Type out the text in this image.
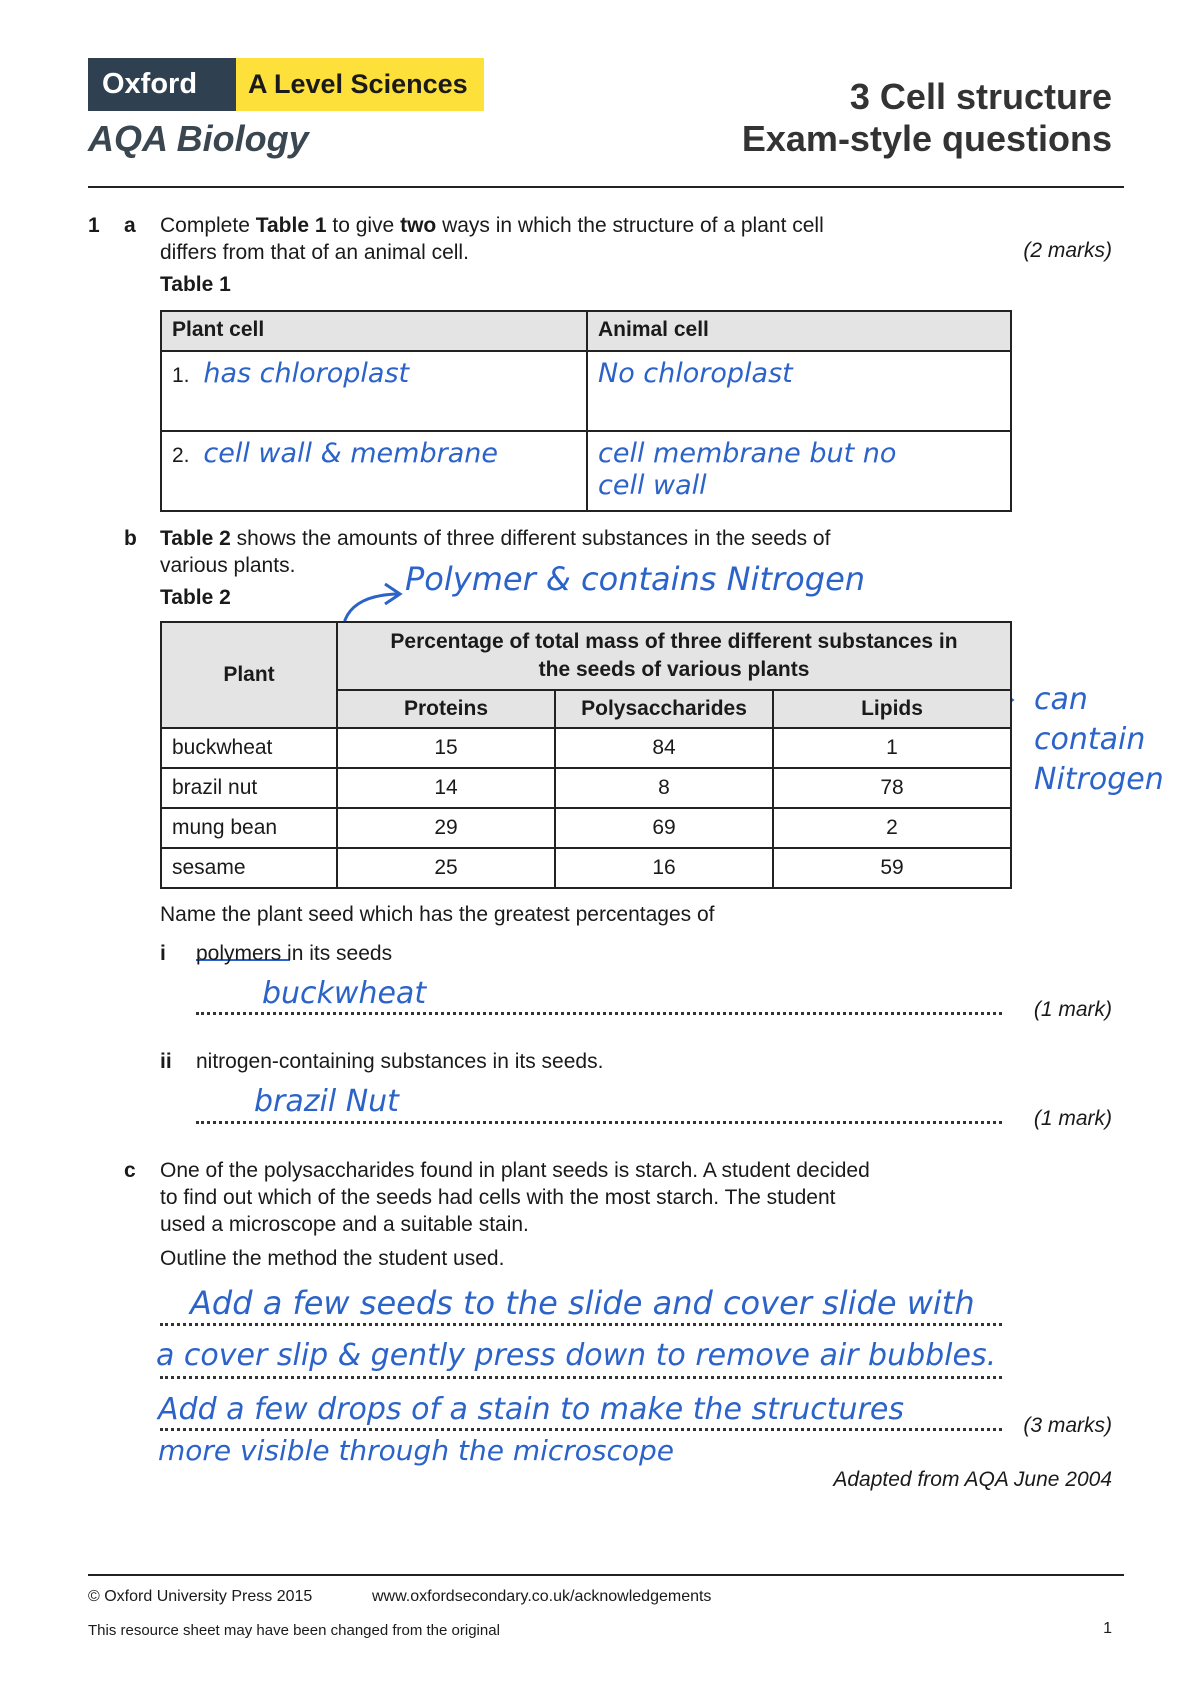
Oxford	A Level Sciences
AQA Biology
3 Cell structure
Exam-style questions
1 a Complete Table 1 to give two ways in which the structure of a plant cell
differs from that of an animal cell.	(2 marks)
Table 1
Plant cell	Animal cell
1. has chloroplast	No chloroplast
2. cell wall & membrane	cell membrane but no cell wall
b Table 2 shows the amounts of three different substances in the seeds of
various plants.
Table 2	Polymer & contains Nitrogen
can
contain
Nitrogen
Plant	Percentage of total mass of three different substances in
the seeds of various plants		

	Proteins	Polysaccharides	Lipids
buckwheat	15	84	1
brazil nut	14	8	78
mung bean	29	69	2
sesame	25	16	59
Name the plant seed which has the greatest percentages of
i polymers in its seeds
buckwheat	(1 mark)
ii nitrogen-containing substances in its seeds.
brazil Nut	(1 mark)
c One of the polysaccharides found in plant seeds is starch. A student decided
to find out which of the seeds had cells with the most starch. The student
used a microscope and a suitable stain.
Outline the method the student used.
Add a few seeds to the slide and cover slide with
a cover slip & gently press down to remove air bubbles.
Add a few drops of a stain to make the structures	(3 marks)
more visible through the microscope
Adapted from AQA June 2004
© Oxford University Press 2015	www.oxfordsecondary.co.uk/acknowledgements
This resource sheet may have been changed from the original	1
